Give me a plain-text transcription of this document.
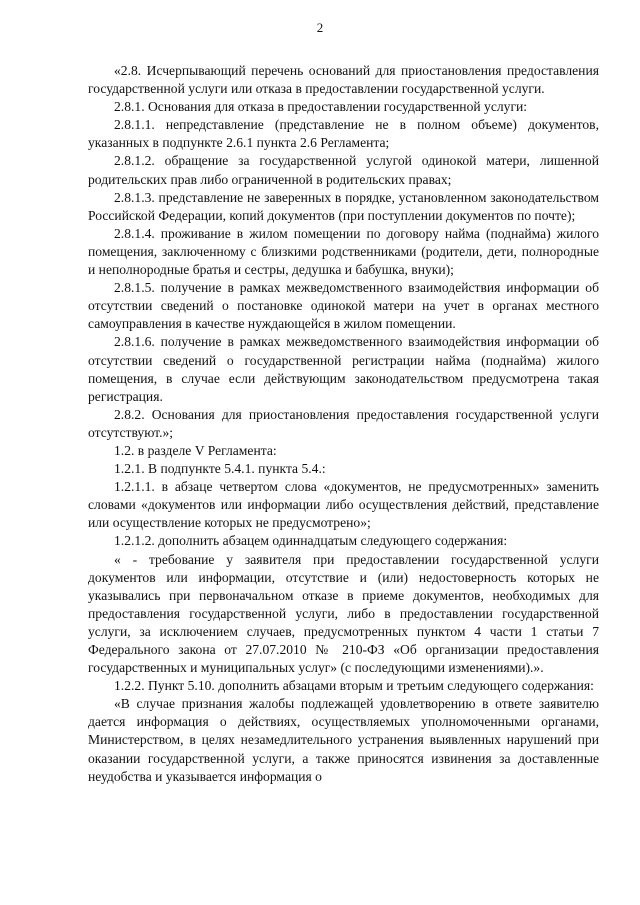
2

«2.8. Исчерпывающий перечень оснований для приостановления предоставления государственной услуги или отказа в предоставлении государственной услуги.

2.8.1. Основания для отказа в предоставлении государственной услуги:

2.8.1.1. непредставление (представление не в полном объеме) документов, указанных в подпункте 2.6.1 пункта 2.6 Регламента;

2.8.1.2. обращение за государственной услугой одинокой матери, лишенной родительских прав либо ограниченной в родительских правах;

2.8.1.3. представление не заверенных в порядке, установленном законодательством Российской Федерации, копий документов (при поступлении документов по почте);

2.8.1.4. проживание в жилом помещении по договору найма (поднайма) жилого помещения, заключенному с близкими родственниками (родители, дети, полнородные и неполнородные братья и сестры, дедушка и бабушка, внуки);

2.8.1.5. получение в рамках межведомственного взаимодействия информации об отсутствии сведений о постановке одинокой матери на учет в органах местного самоуправления в качестве нуждающейся в жилом помещении.

2.8.1.6. получение в рамках межведомственного взаимодействия информации об отсутствии сведений о государственной регистрации найма (поднайма) жилого помещения, в случае если действующим законодательством предусмотрена такая регистрация.

2.8.2. Основания для приостановления предоставления государственной услуги отсутствуют.»;

1.2. в разделе V Регламента:

1.2.1. В подпункте 5.4.1. пункта 5.4.:

1.2.1.1. в абзаце четвертом слова «документов, не предусмотренных» заменить словами «документов или информации либо осуществления действий, представление или осуществление которых не предусмотрено»;

1.2.1.2. дополнить абзацем одиннадцатым следующего содержания:

« - требование у заявителя при предоставлении государственной услуги документов или информации, отсутствие и (или) недостоверность которых не указывались при первоначальном отказе в приеме документов, необходимых для предоставления государственной услуги, либо в предоставлении государственной услуги, за исключением случаев, предусмотренных пунктом 4 части 1 статьи 7 Федерального закона от 27.07.2010 № 210-ФЗ «Об организации предоставления государственных и муниципальных услуг» (с последующими изменениями).».

1.2.2. Пункт 5.10. дополнить абзацами вторым и третьим следующего содержания:

«В случае признания жалобы подлежащей удовлетворению в ответе заявителю дается информация о действиях, осуществляемых уполномоченными органами, Министерством, в целях незамедлительного устранения выявленных нарушений при оказании государственной услуги, а также приносятся извинения за доставленные неудобства и указывается информация о
